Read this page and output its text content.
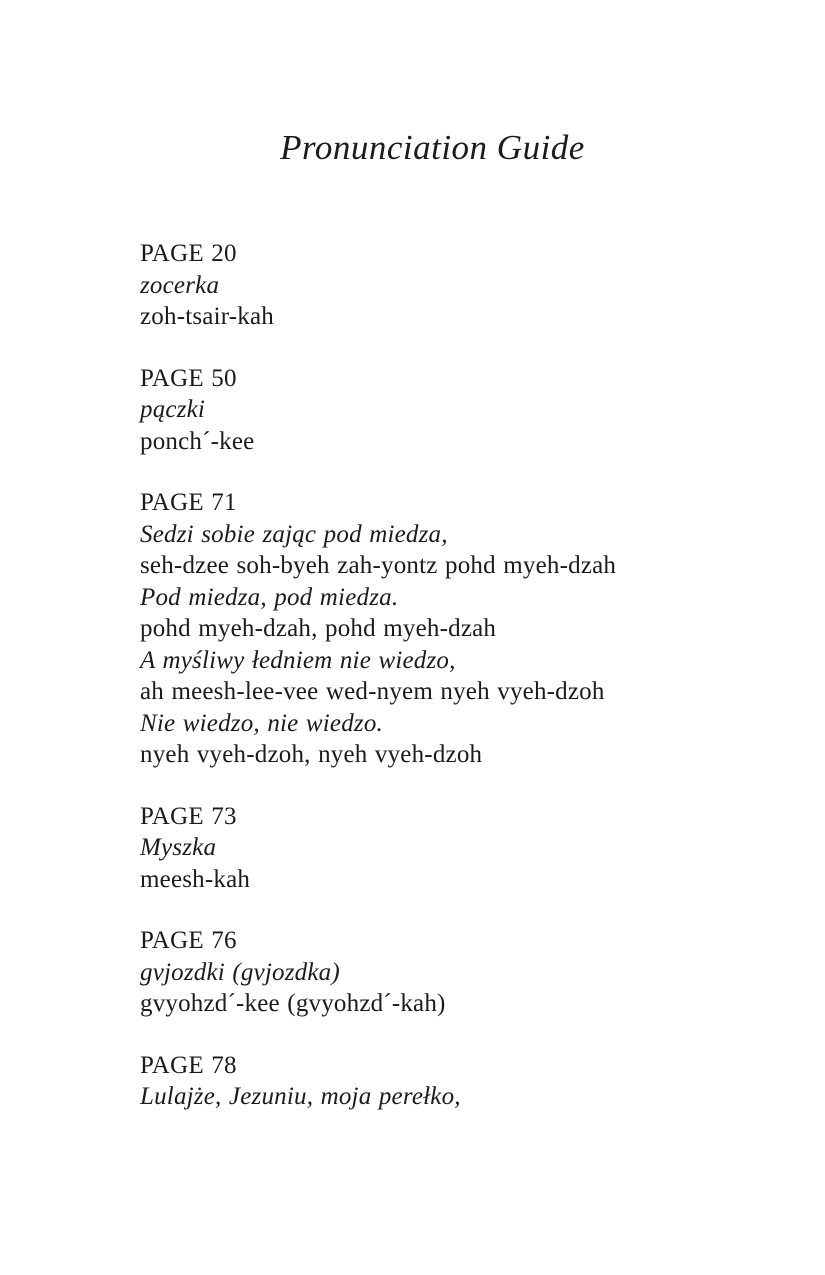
Pronunciation Guide
PAGE 20
zocerka
zoh-tsair-kah
PAGE 50
pączki
ponch´-kee
PAGE 71
Sedzi sobie zając pod miedza,
seh-dzee soh-byeh zah-yontz pohd myeh-dzah
Pod miedza, pod miedza.
pohd myeh-dzah, pohd myeh-dzah
A myśliwy łedniem nie wiedzo,
ah meesh-lee-vee wed-nyem nyeh vyeh-dzoh
Nie wiedzo, nie wiedzo.
nyeh vyeh-dzoh, nyeh vyeh-dzoh
PAGE 73
Myszka
meesh-kah
PAGE 76
gvjozdki (gvjozdka)
gvyohzd´-kee (gvyohzd´-kah)
PAGE 78
Lulajże, Jezuniu, moja perełko,
